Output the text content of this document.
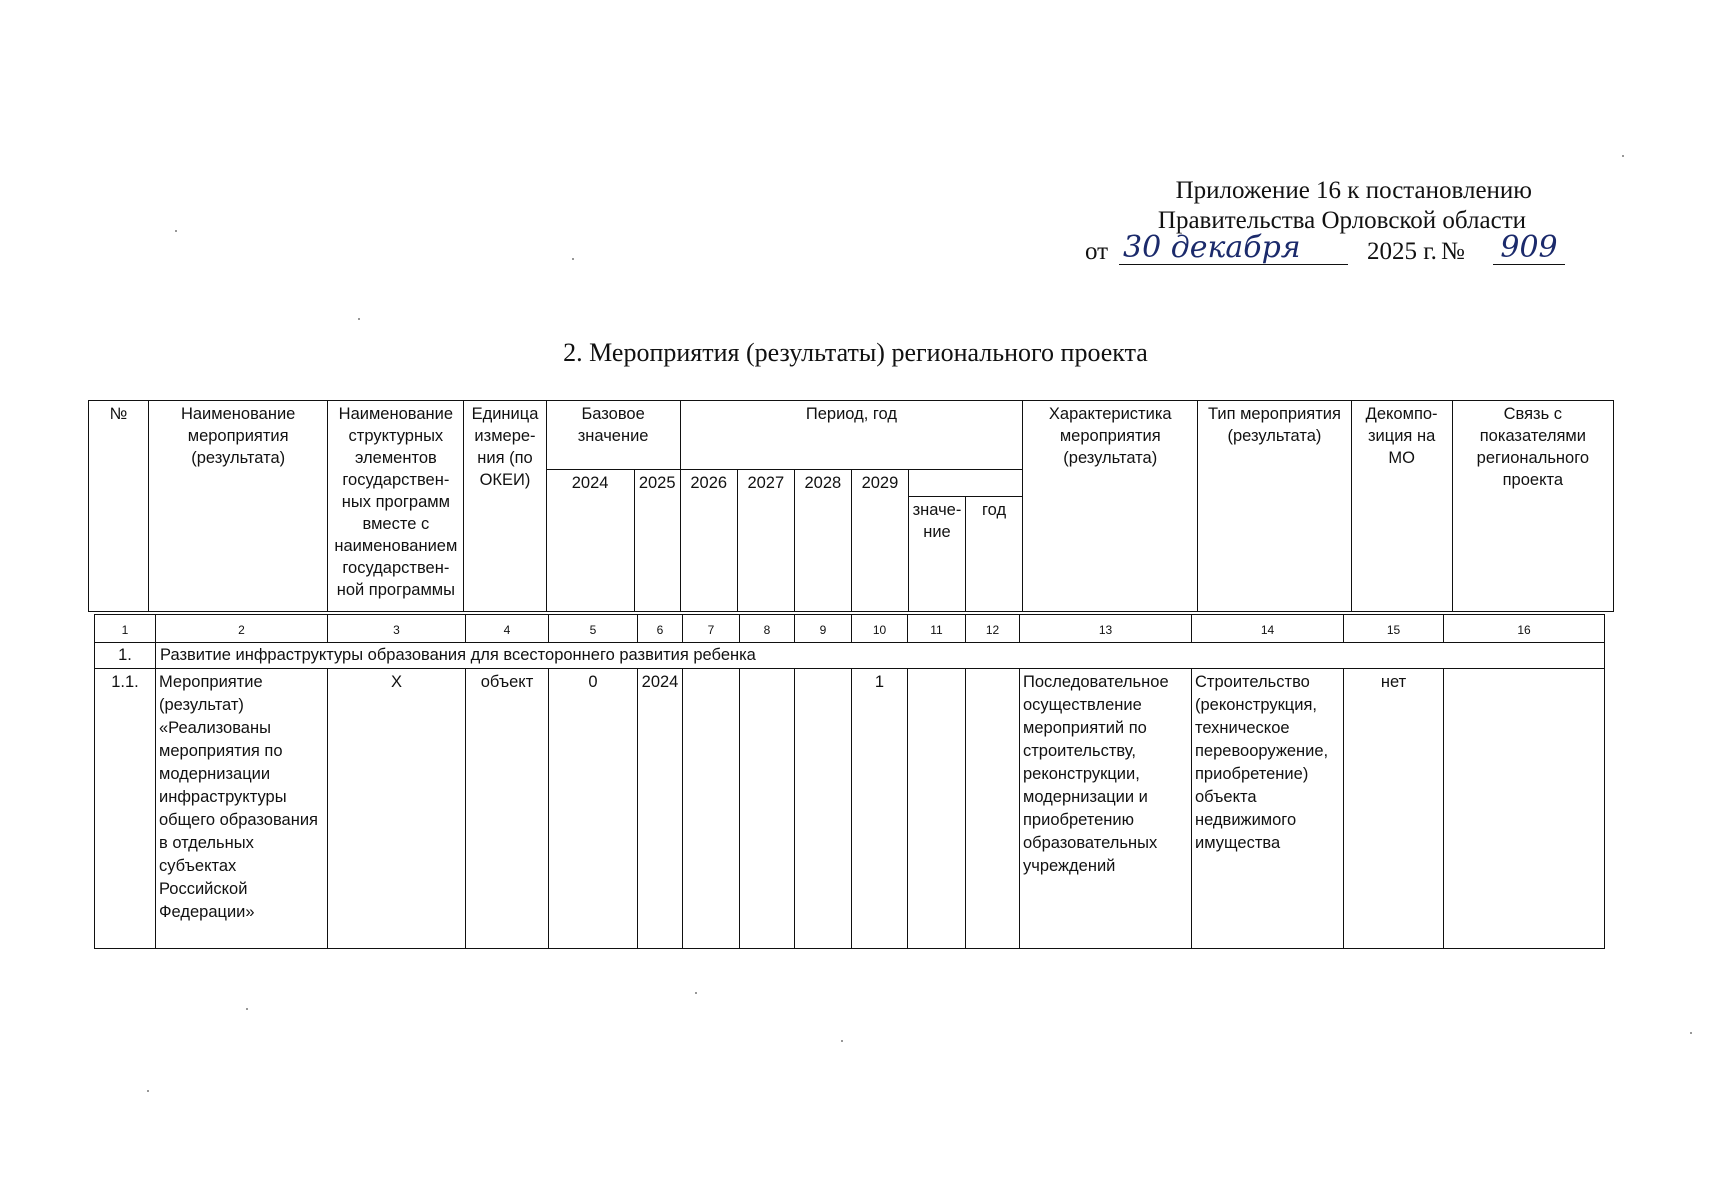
Приложение 16 к постановлению
Правительства Орловской области
от 30 декабря	2025 г. № 909
2. Мероприятия (результаты) регионального проекта
№	Наименование мероприятия (результата)	Наименование структурных элементов государствен-ных программ вместе с наименованием государствен-ной программы	Единица измере-ния (по ОКЕИ)	Базовое значение		Период, год						Характеристика мероприятия (результата)	Тип мероприятия (результата)	Декомпо-зиция на МО	Связь с показателями регионального проекта
				2024	2025	2026	2027	2028	2029						
										значе-ние	год				
1	2	3	4	5	6	7	8	9	10	11	12	13	14	15	16
1.	Развитие инфраструктуры образования для всестороннего развития ребенка														
1.1.	Мероприятие (результат) «Реализованы мероприятия по модернизации инфраструктуры общего образования в отдельных субъектах Российской Федерации»	X	объект	0	2024				1			Последовательное осуществление мероприятий по строительству, реконструкции, модернизации и приобретению образовательных учреждений	Строительство (реконструкция, техническое перевооружение, приобретение) объекта недвижимого имущества	нет	
